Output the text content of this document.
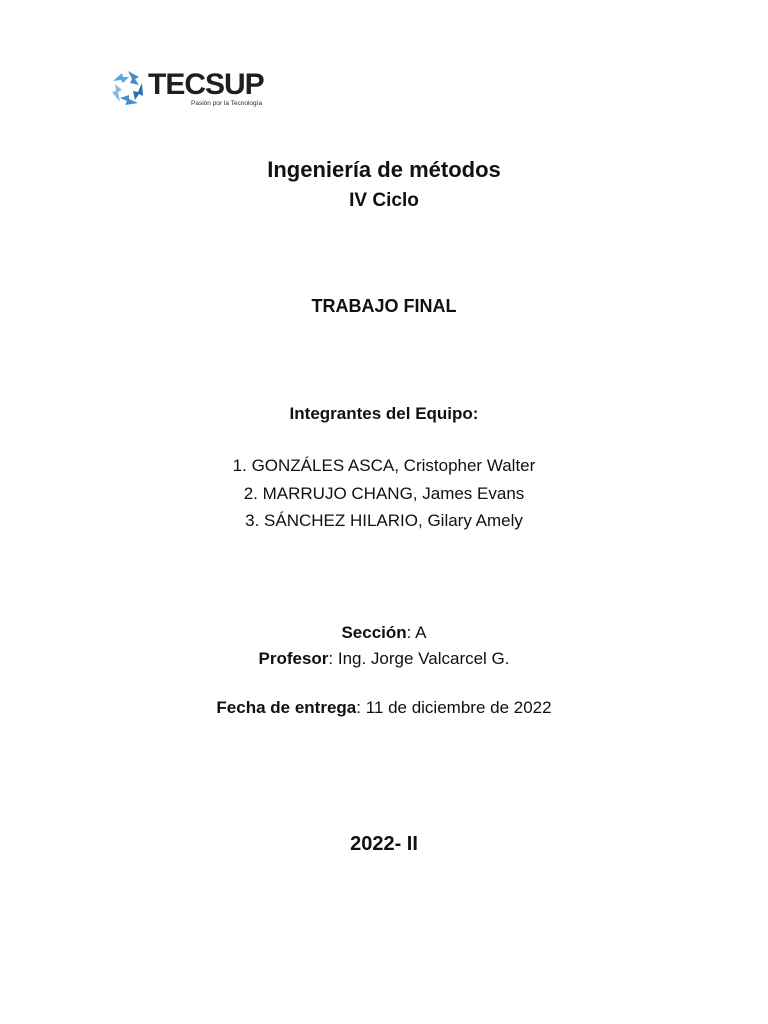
TECSUP
Pasión por la Tecnología
Ingeniería de métodos
IV Ciclo
TRABAJO FINAL
Integrantes del Equipo:
1. GONZÁLES ASCA, Cristopher Walter
2. MARRUJO CHANG, James Evans
3. SÁNCHEZ HILARIO, Gilary Amely
Sección: A
Profesor: Ing. Jorge Valcarcel G.
Fecha de entrega: 11 de diciembre de 2022
2022- II
